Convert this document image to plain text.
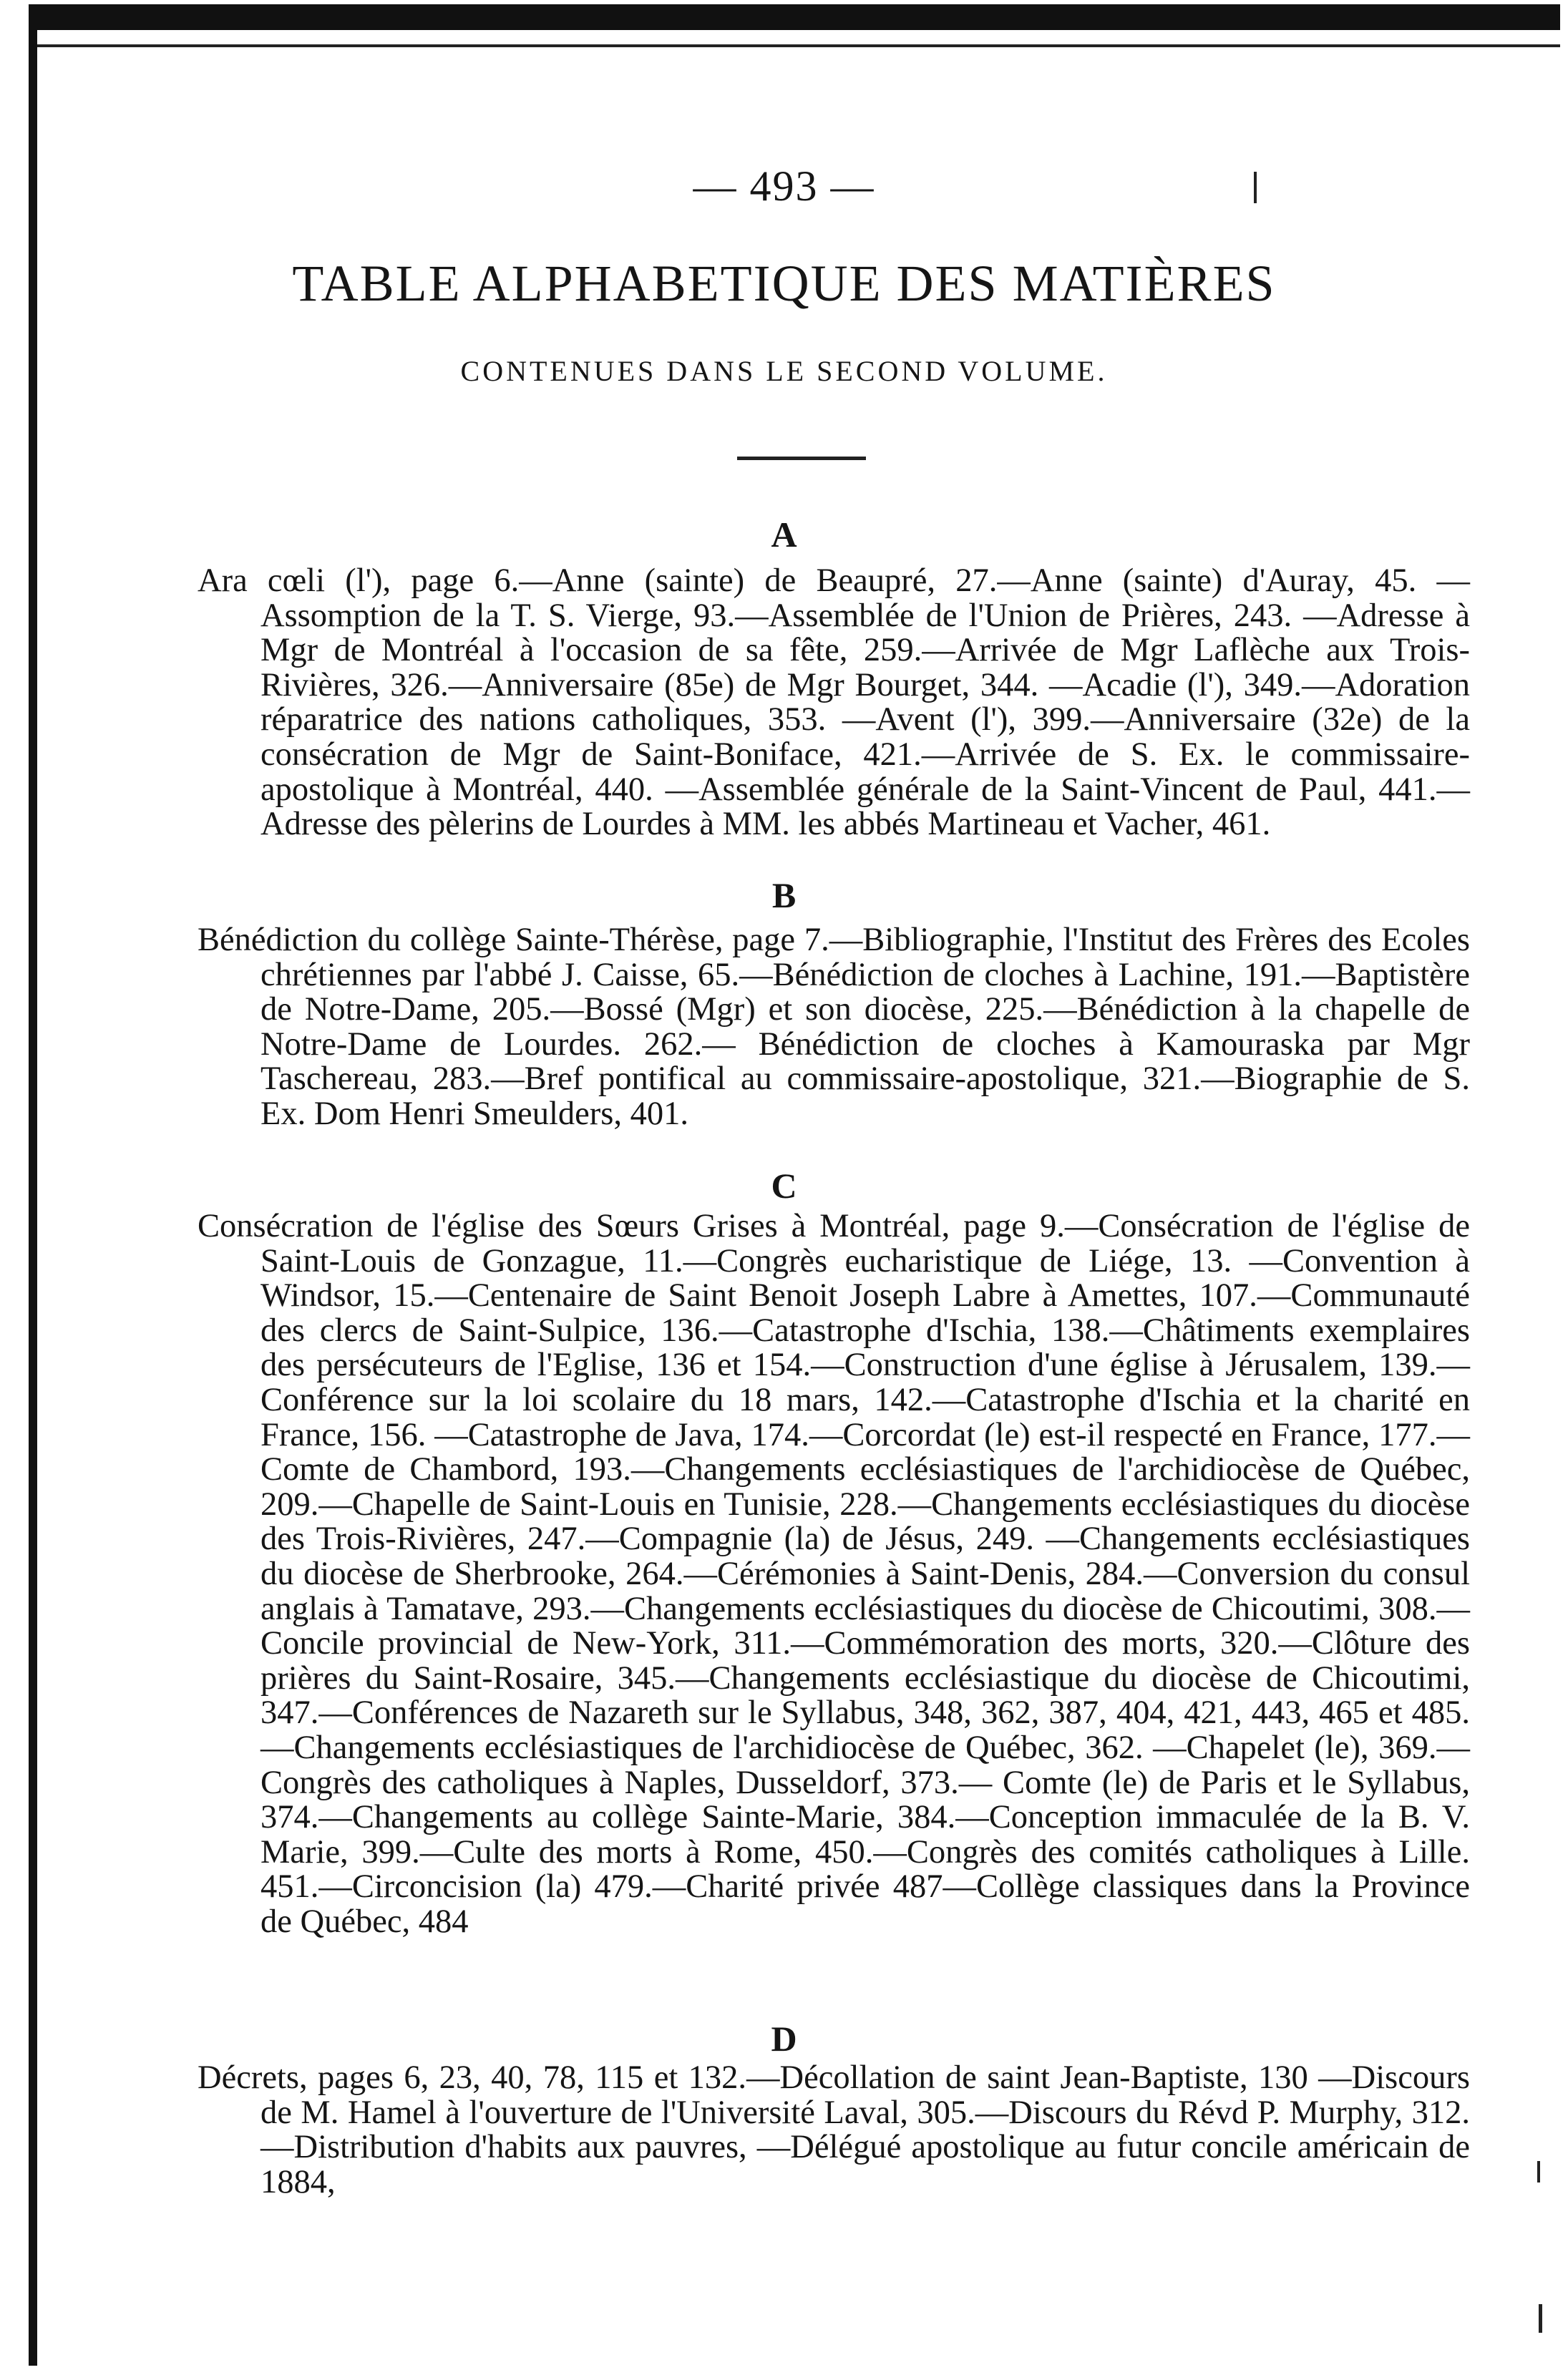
— 493 —
TABLE ALPHABETIQUE DES MATIÈRES
CONTENUES DANS LE SECOND VOLUME.
A

Ara cœli (l'), page 6.—Anne (sainte) de Beaupré, 27.—Anne (sainte) d'Auray, 45. —Assomption de la T. S. Vierge, 93.—Assemblée de l'Union de Prières, 243. —Adresse à Mgr de Montréal à l'occasion de sa fête, 259.—Arrivée de Mgr Laflèche aux Trois-Rivières, 326.—Anniversaire (85e) de Mgr Bourget, 344. —Acadie (l'), 349.—Adoration réparatrice des nations catholiques, 353. —Avent (l'), 399.—Anniversaire (32e) de la consécration de Mgr de Saint-Boniface, 421.—Arrivée de S. Ex. le commissaire-apostolique à Montréal, 440. —Assemblée générale de la Saint-Vincent de Paul, 441.—Adresse des pèlerins de Lourdes à MM. les abbés Martineau et Vacher, 461.

B

Bénédiction du collège Sainte-Thérèse, page 7.—Bibliographie, l'Institut des Frères des Ecoles chrétiennes par l'abbé J. Caisse, 65.—Bénédiction de cloches à Lachine, 191.—Baptistère de Notre-Dame, 205.—Bossé (Mgr) et son diocèse, 225.—Bénédiction à la chapelle de Notre-Dame de Lourdes. 262.— Bénédiction de cloches à Kamouraska par Mgr Taschereau, 283.—Bref pontifical au commissaire-apostolique, 321.—Biographie de S. Ex. Dom Henri Smeulders, 401.

C

Consécration de l'église des Sœurs Grises à Montréal, page 9.—Consécration de l'église de Saint-Louis de Gonzague, 11.—Congrès eucharistique de Liége, 13. —Convention à Windsor, 15.—Centenaire de Saint Benoit Joseph Labre à Amettes, 107.—Communauté des clercs de Saint-Sulpice, 136.—Catastrophe d'Ischia, 138.—Châtiments exemplaires des persécuteurs de l'Eglise, 136 et 154.—Construction d'une église à Jérusalem, 139.—Conférence sur la loi scolaire du 18 mars, 142.—Catastrophe d'Ischia et la charité en France, 156. —Catastrophe de Java, 174.—Corcordat (le) est-il respecté en France, 177.— Comte de Chambord, 193.—Changements ecclésiastiques de l'archidiocèse de Québec, 209.—Chapelle de Saint-Louis en Tunisie, 228.—Changements ecclésiastiques du diocèse des Trois-Rivières, 247.—Compagnie (la) de Jésus, 249. —Changements ecclésiastiques du diocèse de Sherbrooke, 264.—Cérémonies à Saint-Denis, 284.—Conversion du consul anglais à Tamatave, 293.—Changements ecclésiastiques du diocèse de Chicoutimi, 308.—Concile provincial de New-York, 311.—Commémoration des morts, 320.—Clôture des prières du Saint-Rosaire, 345.—Changements ecclésiastique du diocèse de Chicoutimi, 347.—Conférences de Nazareth sur le Syllabus, 348, 362, 387, 404, 421, 443, 465 et 485.—Changements ecclésiastiques de l'archidiocèse de Québec, 362. —Chapelet (le), 369.—Congrès des catholiques à Naples, Dusseldorf, 373.— Comte (le) de Paris et le Syllabus, 374.—Changements au collège Sainte-Marie, 384.—Conception immaculée de la B. V. Marie, 399.—Culte des morts à Rome, 450.—Congrès des comités catholiques à Lille. 451.—Circoncision (la) 479.—Charité privée 487—Collège classiques dans la Province de Québec, 484

D

Décrets, pages 6, 23, 40, 78, 115 et 132.—Décollation de saint Jean-Baptiste, 130 —Discours de M. Hamel à l'ouverture de l'Université Laval, 305.—Discours du Révd P. Murphy, 312.—Distribution d'habits aux pauvres, —Délégué apostolique au futur concile américain de 1884,
